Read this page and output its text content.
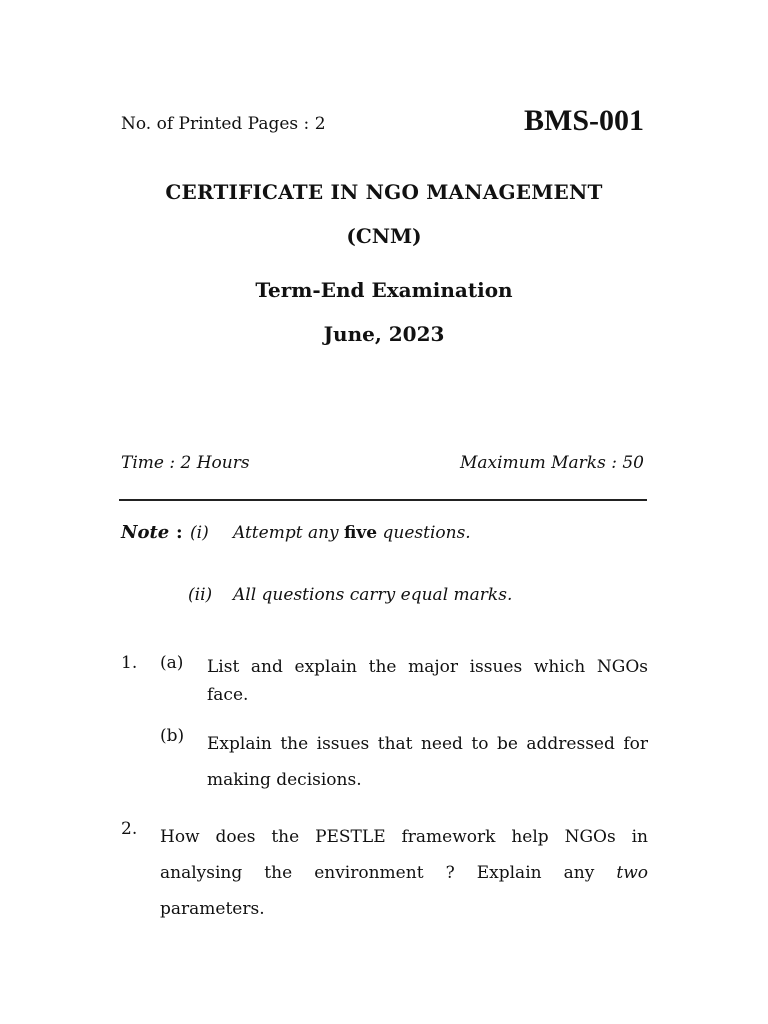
No. of Printed Pages : 2	BMS-001
CERTIFICATE IN NGO MANAGEMENT
(CNM)
Term-End Examination
June, 2023
Time : 2 Hours	Maximum Marks : 50
Note : (i) Attempt any five questions.
(ii) All questions carry equal marks.
1. (a) List and explain the major issues which NGOs face.
(b) Explain the issues that need to be addressed for making decisions.
2. How does the PESTLE framework help NGOs in analysing the environment ? Explain any two parameters.
